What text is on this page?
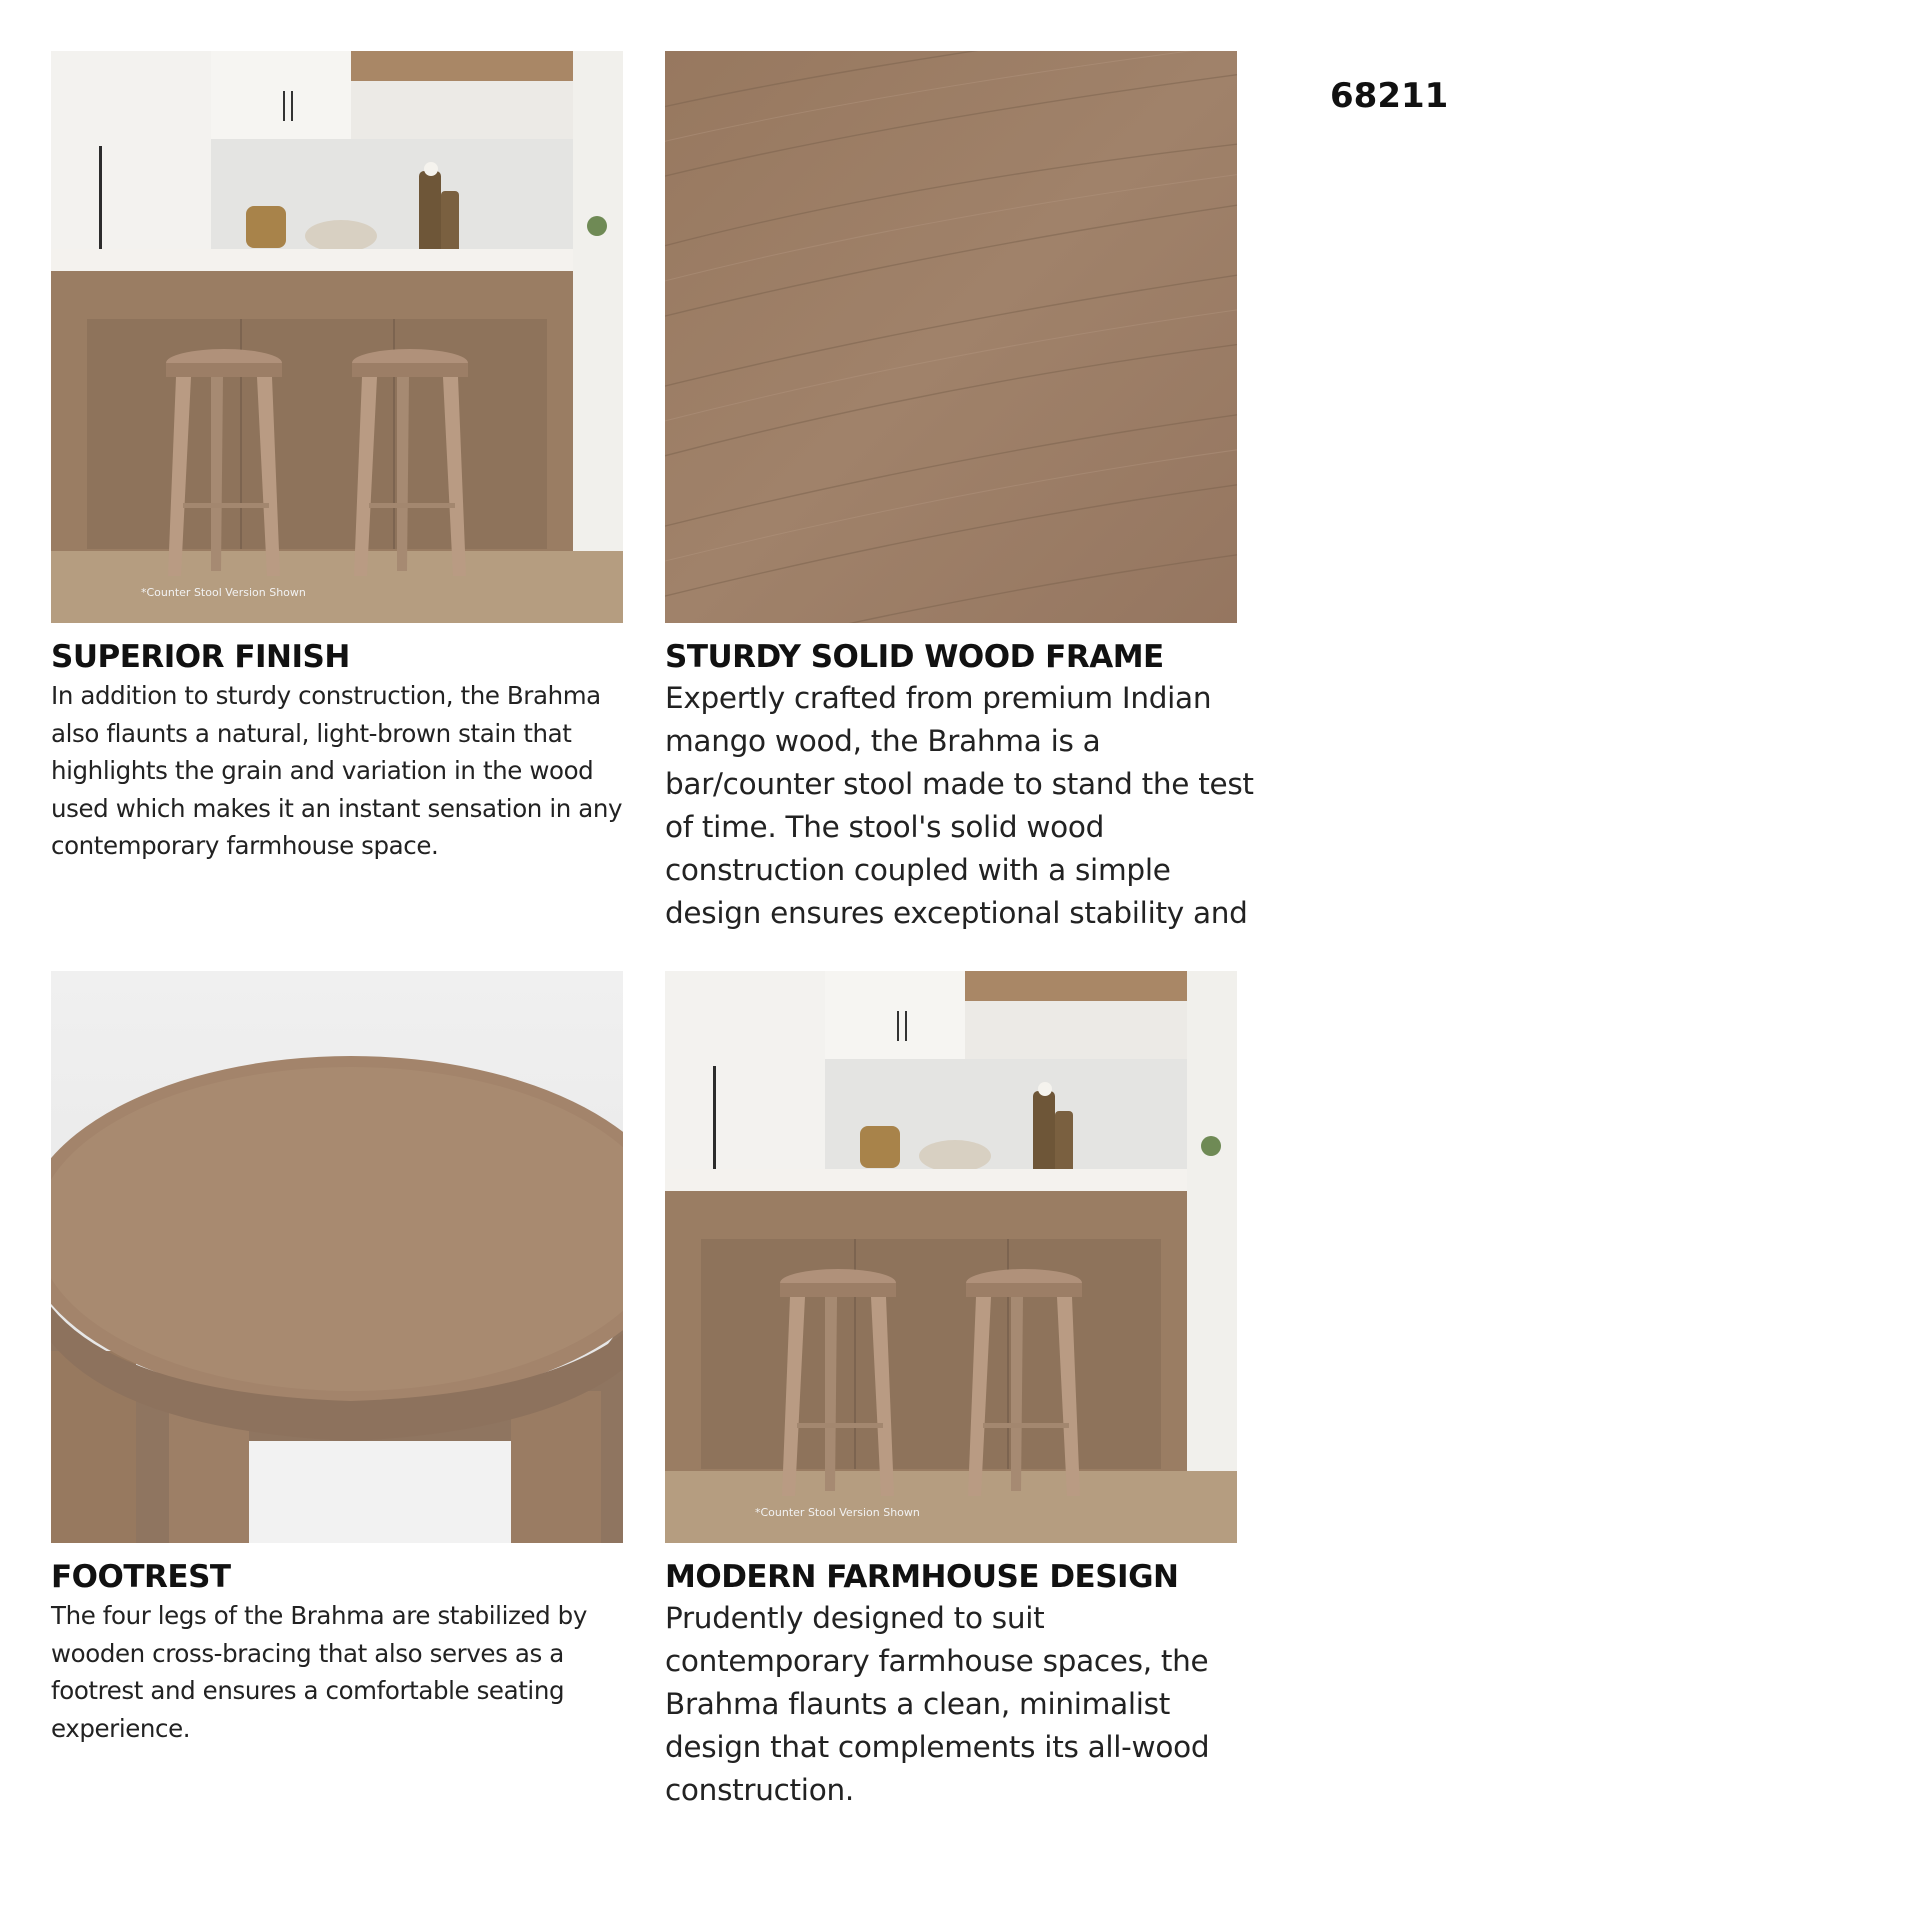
68211
*Counter Stool Version Shown
SUPERIOR FINISH

In addition to sturdy construction, the Brahma also flaunts a natural, light-brown stain that highlights the grain and variation in the wood used which makes it an instant sensation in any contemporary farmhouse space.

STURDY SOLID WOOD FRAME

Expertly crafted from premium Indian mango wood, the Brahma is a bar/counter stool made to stand the test of time. The stool's solid wood construction coupled with a simple design ensures exceptional stability and

FOOTREST

The four legs of the Brahma are stabilized by wooden cross-bracing that also serves as a footrest and ensures a comfortable seating experience.

*Counter Stool Version Shown
MODERN FARMHOUSE DESIGN

Prudently designed to suit contemporary farmhouse spaces, the Brahma flaunts a clean, minimalist design that complements its all-wood construction.
